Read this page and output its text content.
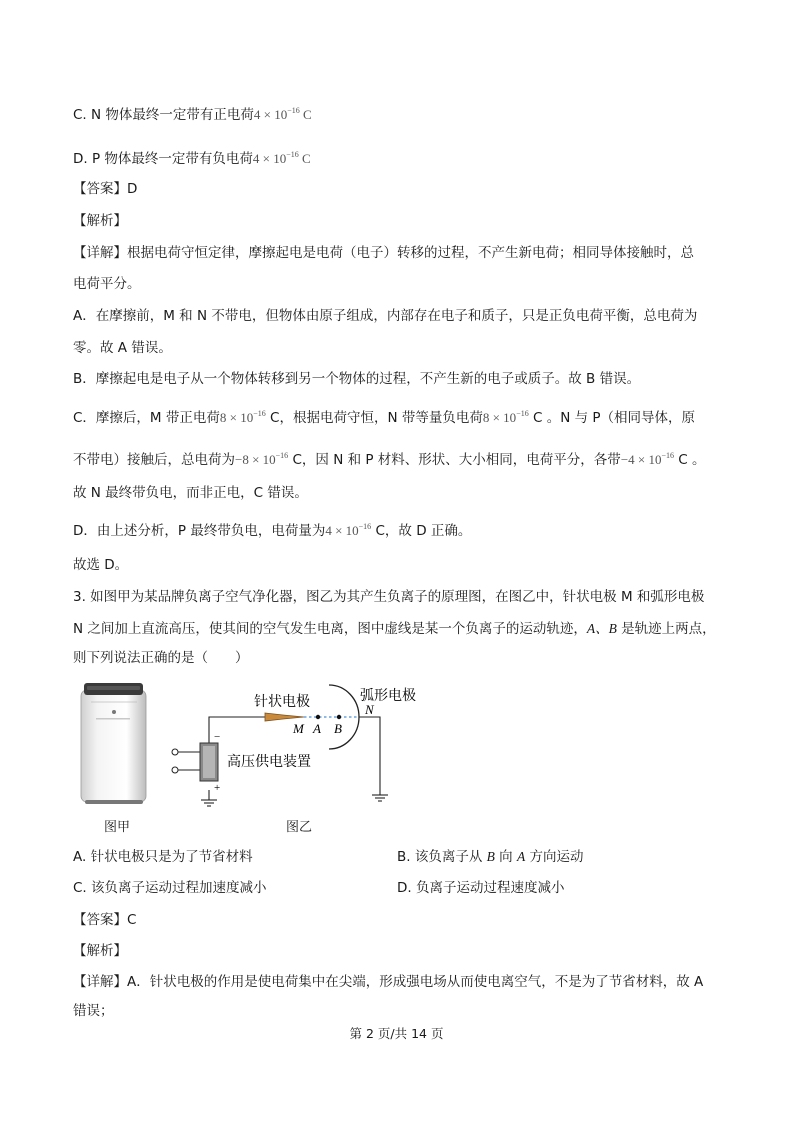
C. N 物体最终一定带有正电荷$4 \times 10^{-16}$ C
D. P 物体最终一定带有负电荷$4 \times 10^{-16}$ C
【答案】D
【解析】
【详解】根据电荷守恒定律，摩擦起电是电荷（电子）转移的过程，不产生新电荷；相同导体接触时，总
电荷平分。
A．在摩擦前，M 和 N 不带电，但物体由原子组成，内部存在电子和质子，只是正负电荷平衡，总电荷为
零。故 A 错误。
B．摩擦起电是电子从一个物体转移到另一个物体的过程，不产生新的电子或质子。故 B 错误。
C．摩擦后，M 带正电荷$8 \times 10^{-16}$ C，根据电荷守恒，N 带等量负电荷$8 \times 10^{-16}$ C 。N 与 P（相同导体，原
不带电）接触后，总电荷为$-8 \times 10^{-16}$ C，因 N 和 P 材料、形状、大小相同，电荷平分，各带$-4 \times 10^{-16}$ C 。
故 N 最终带负电，而非正电，C 错误。
D．由上述分析，P 最终带负电，电荷量为$4 \times 10^{-16}$ C，故 D 正确。
故选 D。
3. 如图甲为某品牌负离子空气净化器，图乙为其产生负离子的原理图，在图乙中，针状电极 M 和弧形电极
N 之间加上直流高压，使其间的空气发生电离，图中虚线是某一个负离子的运动轨迹，A、B 是轨迹上两点，
则下列说法正确的是（　　）
针状电极	弧形电极
M A B
N
高压供电装置
−
+
图甲	图乙
A. 针状电极只是为了节省材料	B. 该负离子从 B 向 A 方向运动
C. 该负离子运动过程加速度减小	D. 负离子运动过程速度减小
【答案】C
【解析】
【详解】A．针状电极的作用是使电荷集中在尖端，形成强电场从而使电离空气，不是为了节省材料，故 A
错误；
第 2 页/共 14 页
